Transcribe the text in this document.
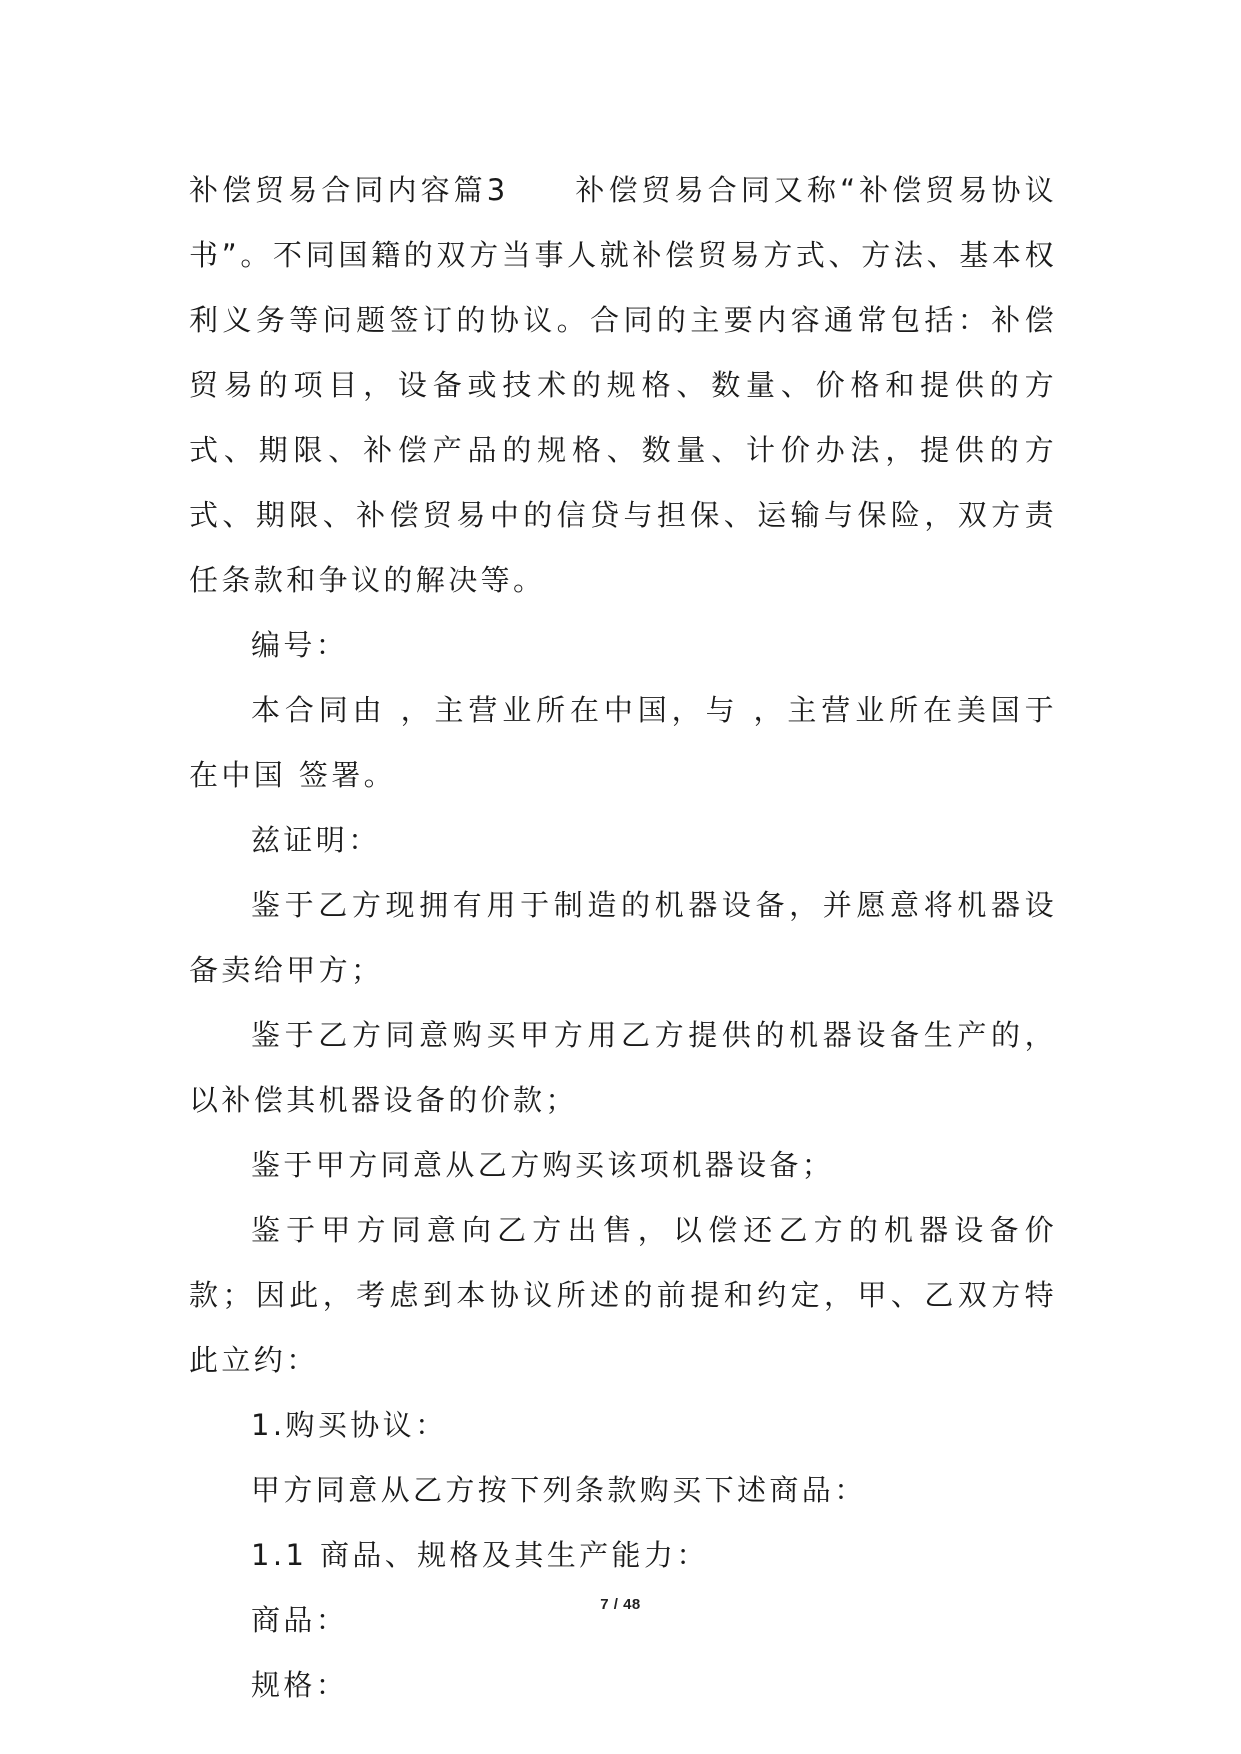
补偿贸易合同内容篇3　　补偿贸易合同又称“补偿贸易协议书”。不同国籍的双方当事人就补偿贸易方式、方法、基本权利义务等问题签订的协议。合同的主要内容通常包括：补偿贸易的项目，设备或技术的规格、数量、价格和提供的方式、期限、补偿产品的规格、数量、计价办法，提供的方式、期限、补偿贸易中的信贷与担保、运输与保险，双方责任条款和争议的解决等。

编号：

本合同由 ，主营业所在中国，与 ，主营业所在美国于 在中国 签署。

兹证明：

鉴于乙方现拥有用于制造的机器设备，并愿意将机器设备卖给甲方；

鉴于乙方同意购买甲方用乙方提供的机器设备生产的，以补偿其机器设备的价款；

鉴于甲方同意从乙方购买该项机器设备；

鉴于甲方同意向乙方出售，以偿还乙方的机器设备价款；因此，考虑到本协议所述的前提和约定，甲、乙双方特此立约：

1.购买协议：

甲方同意从乙方按下列条款购买下述商品：

1.1 商品、规格及其生产能力：

商品：

规格：

7 / 48
